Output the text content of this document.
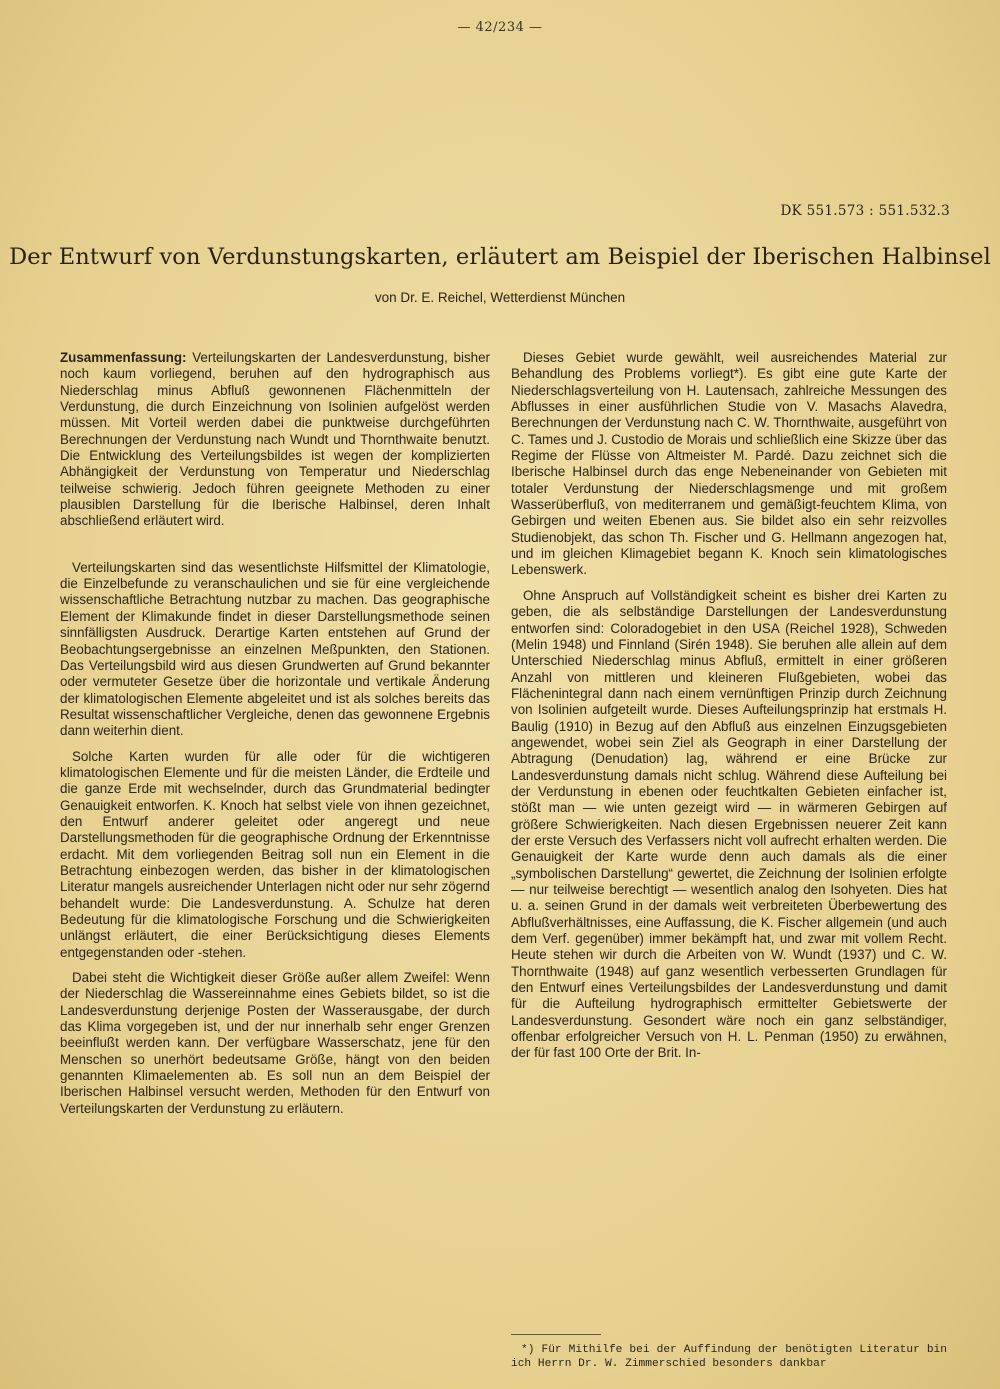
— 42/234 —
DK 551.573 : 551.532.3
Der Entwurf von Verdunstungskarten, erläutert am Beispiel der Iberischen Halbinsel
von Dr. E. Reichel, Wetterdienst München

Zusammenfassung: Verteilungskarten der Landesverdunstung, bisher noch kaum vorliegend, beruhen auf den hydrographisch aus Niederschlag minus Abfluß gewonnenen Flächenmitteln der Verdunstung, die durch Einzeichnung von Isolinien aufgelöst werden müssen. Mit Vorteil werden dabei die punktweise durchgeführten Berechnungen der Verdunstung nach Wundt und Thornthwaite benutzt. Die Entwicklung des Verteilungsbildes ist wegen der komplizierten Abhängigkeit der Verdunstung von Temperatur und Niederschlag teilweise schwierig. Jedoch führen geeignete Methoden zu einer plausiblen Darstellung für die Iberische Halbinsel, deren Inhalt abschließend erläutert wird.

Verteilungskarten sind das wesentlichste Hilfsmittel der Klimatologie, die Einzelbefunde zu veranschaulichen und sie für eine vergleichende wissenschaftliche Betrachtung nutzbar zu machen. Das geographische Element der Klimakunde findet in dieser Darstellungsmethode seinen sinnfälligsten Ausdruck. Derartige Karten entstehen auf Grund der Beobachtungsergebnisse an einzelnen Meßpunkten, den Stationen. Das Verteilungsbild wird aus diesen Grundwerten auf Grund bekannter oder vermuteter Gesetze über die horizontale und vertikale Änderung der klimatologischen Elemente abgeleitet und ist als solches bereits das Resultat wissenschaftlicher Vergleiche, denen das gewonnene Ergebnis dann weiterhin dient.

Solche Karten wurden für alle oder für die wichtigeren klimatologischen Elemente und für die meisten Länder, die Erdteile und die ganze Erde mit wechselnder, durch das Grundmaterial bedingter Genauigkeit entworfen. K. Knoch hat selbst viele von ihnen gezeichnet, den Entwurf anderer geleitet oder angeregt und neue Darstellungsmethoden für die geographische Ordnung der Erkenntnisse erdacht. Mit dem vorliegenden Beitrag soll nun ein Element in die Betrachtung einbezogen werden, das bisher in der klimatologischen Literatur mangels ausreichender Unterlagen nicht oder nur sehr zögernd behandelt wurde: Die Landesverdunstung. A. Schulze hat deren Bedeutung für die klimatologische Forschung und die Schwierigkeiten unlängst erläutert, die einer Berücksichtigung dieses Elements entgegenstanden oder -stehen.

Dabei steht die Wichtigkeit dieser Größe außer allem Zweifel: Wenn der Niederschlag die Wassereinnahme eines Gebiets bildet, so ist die Landesverdunstung derjenige Posten der Wasserausgabe, der durch das Klima vorgegeben ist, und der nur innerhalb sehr enger Grenzen beeinflußt werden kann. Der verfügbare Wasserschatz, jene für den Menschen so unerhört bedeutsame Größe, hängt von den beiden genannten Klimaelementen ab. Es soll nun an dem Beispiel der Iberischen Halbinsel versucht werden, Methoden für den Entwurf von Verteilungskarten der Verdunstung zu erläutern.

Dieses Gebiet wurde gewählt, weil ausreichendes Material zur Behandlung des Problems vorliegt*). Es gibt eine gute Karte der Niederschlagsverteilung von H. Lautensach, zahlreiche Messungen des Abflusses in einer ausführlichen Studie von V. Masachs Alavedra, Berechnungen der Verdunstung nach C. W. Thornthwaite, ausgeführt von C. Tames und J. Custodio de Morais und schließlich eine Skizze über das Regime der Flüsse von Altmeister M. Pardé. Dazu zeichnet sich die Iberische Halbinsel durch das enge Nebeneinander von Gebieten mit totaler Verdunstung der Niederschlagsmenge und mit großem Wasserüberfluß, von mediterranem und gemäßigt-feuchtem Klima, von Gebirgen und weiten Ebenen aus. Sie bildet also ein sehr reizvolles Studienobjekt, das schon Th. Fischer und G. Hellmann angezogen hat, und im gleichen Klimagebiet begann K. Knoch sein klimatologisches Lebenswerk.

Ohne Anspruch auf Vollständigkeit scheint es bisher drei Karten zu geben, die als selbständige Darstellungen der Landesverdunstung entworfen sind: Coloradogebiet in den USA (Reichel 1928), Schweden (Melin 1948) und Finnland (Sirén 1948). Sie beruhen alle allein auf dem Unterschied Niederschlag minus Abfluß, ermittelt in einer größeren Anzahl von mittleren und kleineren Flußgebieten, wobei das Flächenintegral dann nach einem vernünftigen Prinzip durch Zeichnung von Isolinien aufgeteilt wurde. Dieses Aufteilungsprinzip hat erstmals H. Baulig (1910) in Bezug auf den Abfluß aus einzelnen Einzugsgebieten angewendet, wobei sein Ziel als Geograph in einer Darstellung der Abtragung (Denudation) lag, während er eine Brücke zur Landesverdunstung damals nicht schlug. Während diese Aufteilung bei der Verdunstung in ebenen oder feuchtkalten Gebieten einfacher ist, stößt man — wie unten gezeigt wird — in wärmeren Gebirgen auf größere Schwierigkeiten. Nach diesen Ergebnissen neuerer Zeit kann der erste Versuch des Verfassers nicht voll aufrecht erhalten werden. Die Genauigkeit der Karte wurde denn auch damals als die einer „symbolischen Darstellung“ gewertet, die Zeichnung der Isolinien erfolgte — nur teilweise berechtigt — wesentlich analog den Isohyeten. Dies hat u. a. seinen Grund in der damals weit verbreiteten Überbewertung des Abflußverhältnisses, eine Auffassung, die K. Fischer allgemein (und auch dem Verf. gegenüber) immer bekämpft hat, und zwar mit vollem Recht. Heute stehen wir durch die Arbeiten von W. Wundt (1937) und C. W. Thornthwaite (1948) auf ganz wesentlich verbesserten Grundlagen für den Entwurf eines Verteilungsbildes der Landesverdunstung und damit für die Aufteilung hydrographisch ermittelter Gebietswerte der Landesverdunstung. Gesondert wäre noch ein ganz selbständiger, offenbar erfolgreicher Versuch von H. L. Penman (1950) zu erwähnen, der für fast 100 Orte der Brit. In-

*) Für Mithilfe bei der Auffindung der benötigten Literatur bin ich Herrn Dr. W. Zimmerschied besonders dankbar
